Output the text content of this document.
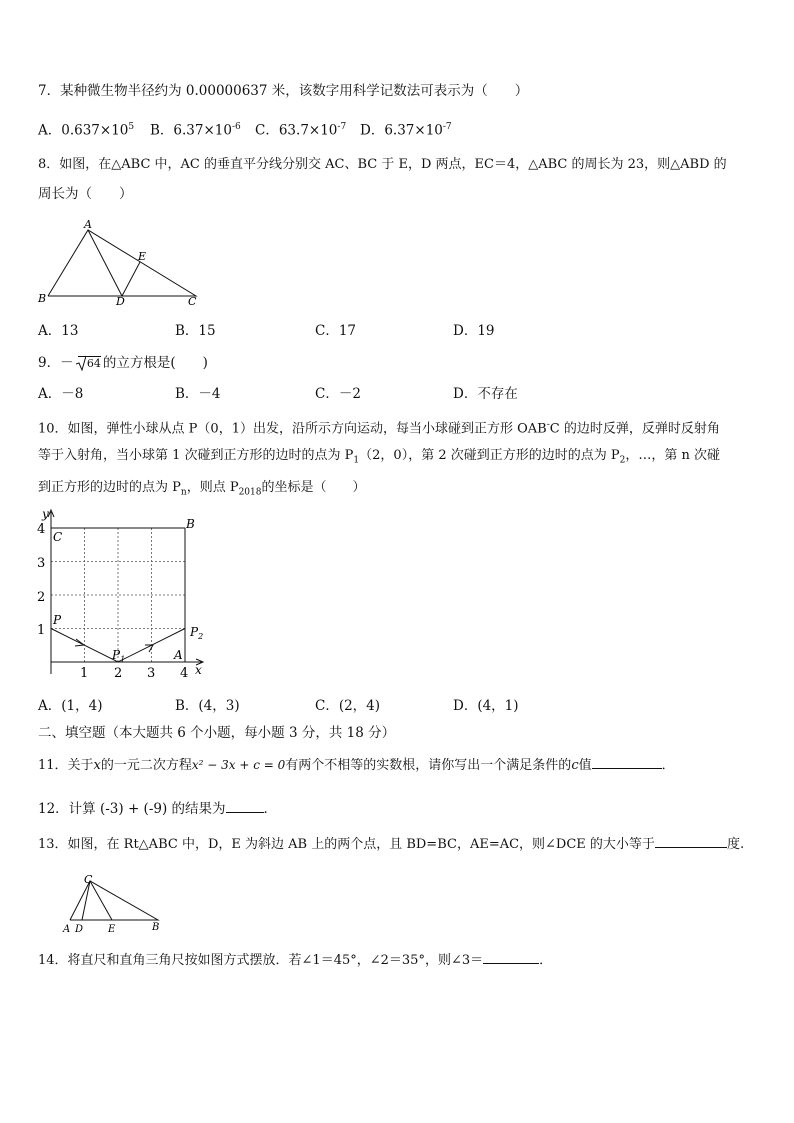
7．某种微生物半径约为 0.00000637 米，该数字用科学记数法可表示为（　　）
A．$0.637\times 10^5$ B．$6.37\times 10^{-6}$ C．$63.7\times 10^{-7}$ D．$6.37\times 10^{-7}$
8．如图，在△ABC 中，AC 的垂直平分线分别交 AC、BC 于 E，D 两点，EC＝4，△ABC 的周长为 23，则△ABD 的
周长为（　　）
A
B	C
D
E
A．13	B．15	C．17	D．19
9．－ 64 的立方根是(　　)
A．－8	B．－4	C．－2	D．不存在
10．如图，弹性小球从点 P（0，1）出发，沿所示方向运动，每当小球碰到正方形 OAB-C 的边时反弹，反弹时反射角
等于入射角，当小球第 1 次碰到正方形的边时的点为 $P_1(2$，0），第 2 次碰到正方形的边时的点为 $P_2$，…，第 n 次碰
到正方形的边时的点为 $P_n$，则点 $P_{2018}$的坐标是（　　）
y
x
1 2 3 4
1
2
3
4 C
B
P
$P_1$
$P_2$
A
A．(1，4)	B．(4，3)	C．(2，4)	D．(4，1)
二、填空题（本大题共 6 个小题，每小题 3 分，共 18 分）
11．关于x的一元二次方程x² − 3x + c = 0有两个不相等的实数根，请你写出一个满足条件的c值	．
12．计算 (-3) + (-9) 的结果为	．
13．如图，在 Rt△ABC 中，D，E 为斜边 AB 上的两个点，且 BD=BC，AE=AC，则∠DCE 的大小等于	度.
C
A D E	B
14．将直尺和直角三角尺按如图方式摆放．若∠1＝45°，∠2＝35°，则∠3＝	．
